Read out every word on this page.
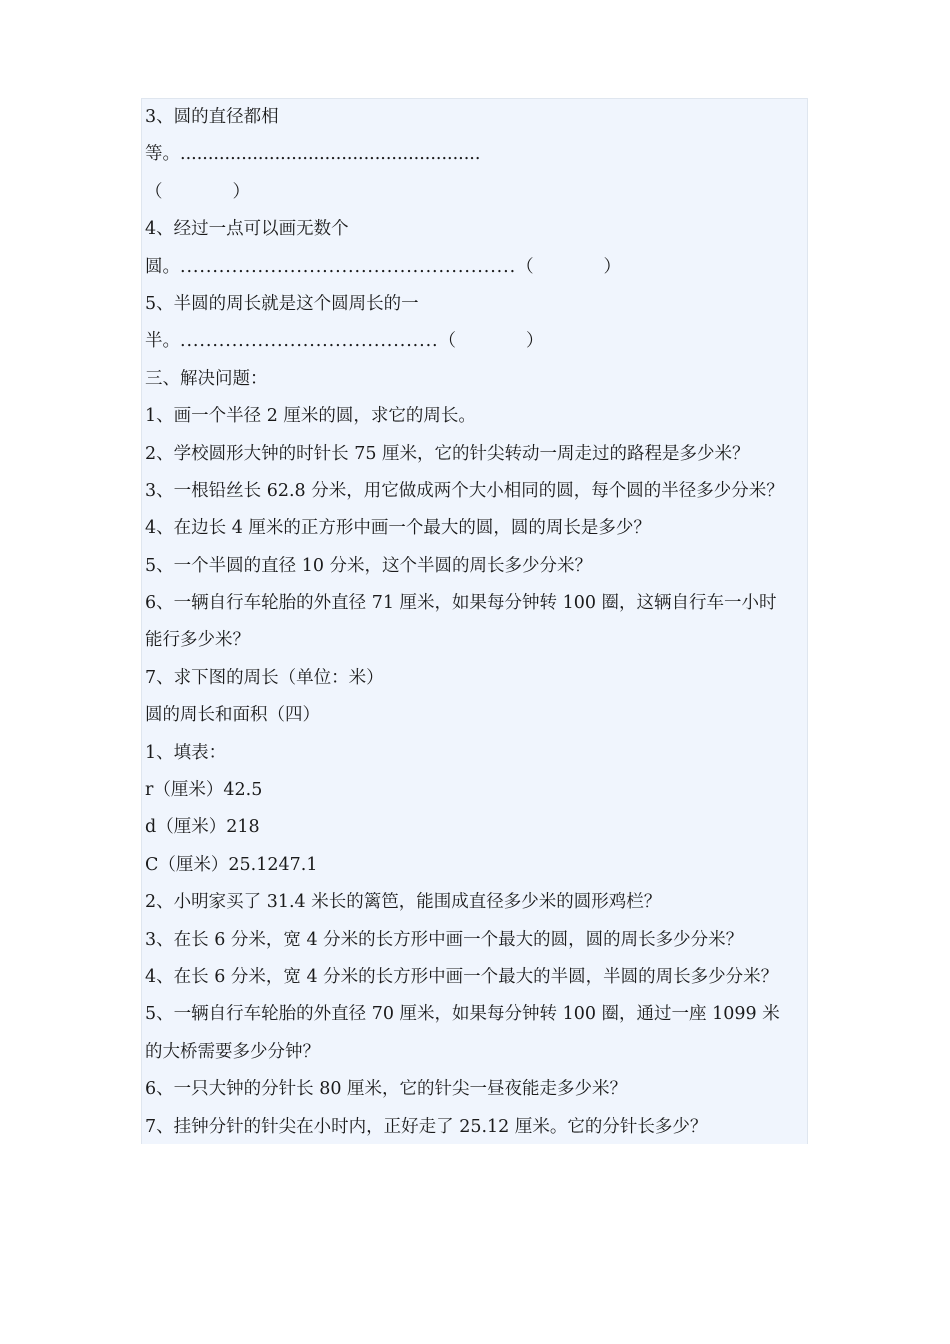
3、圆的直径都相
等。......................................................
（　　　　）
4、经过一点可以画无数个
圆。 .................................................... （　　　　）
5、半圆的周长就是这个圆周长的一
半。 ........................................ （　　　　）
三、解决问题：
1、画一个半径 2 厘米的圆，求它的周长。
2、学校圆形大钟的时针长 75 厘米，它的针尖转动一周走过的路程是多少米？
3、一根铅丝长 62.8 分米，用它做成两个大小相同的圆，每个圆的半径多少分米？
4、在边长 4 厘米的正方形中画一个最大的圆，圆的周长是多少？
5、一个半圆的直径 10 分米，这个半圆的周长多少分米？
6、一辆自行车轮胎的外直径 71 厘米，如果每分钟转 100 圈，这辆自行车一小时
能行多少米？
7、求下图的周长（单位：米）
圆的周长和面积（四）
1、填表：
r（厘米）42.5
d（厘米）218
C（厘米）25.1247.1
2、小明家买了 31.4 米长的篱笆，能围成直径多少米的圆形鸡栏？
3、在长 6 分米，宽 4 分米的长方形中画一个最大的圆，圆的周长多少分米？
4、在长 6 分米，宽 4 分米的长方形中画一个最大的半圆，半圆的周长多少分米？
5、一辆自行车轮胎的外直径 70 厘米，如果每分钟转 100 圈，通过一座 1099 米
的大桥需要多少分钟？
6、一只大钟的分针长 80 厘米，它的针尖一昼夜能走多少米？
7、挂钟分针的针尖在小时内，正好走了 25.12 厘米。它的分针长多少？
